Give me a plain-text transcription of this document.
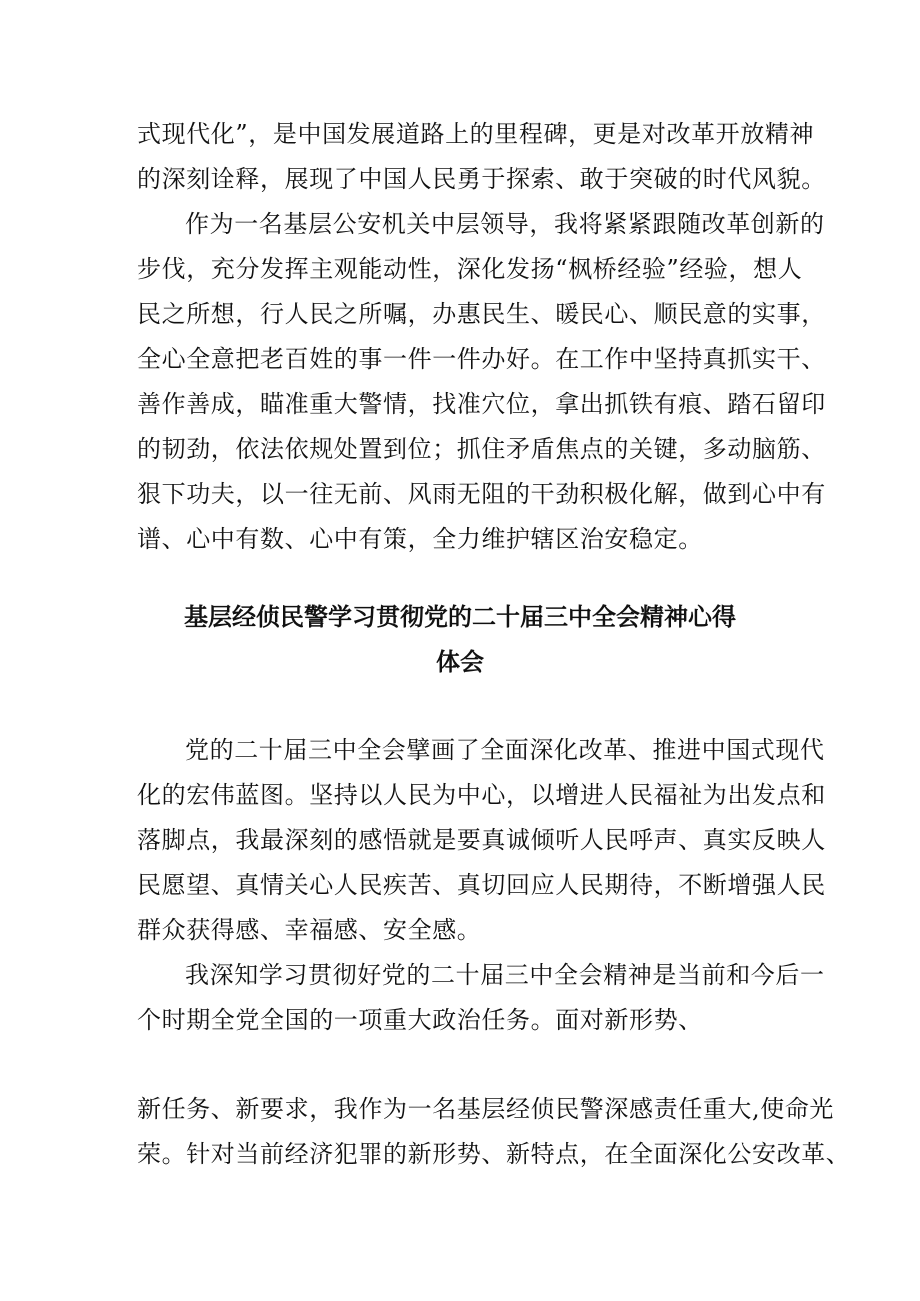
式现代化”，是中国发展道路上的里程碑，更是对改革开放精神
的深刻诠释，展现了中国人民勇于探索、敢于突破的时代风貌。
作为一名基层公安机关中层领导，我将紧紧跟随改革创新的
步伐，充分发挥主观能动性，深化发扬“枫桥经验”经验，想人
民之所想，行人民之所嘱，办惠民生、暖民心、顺民意的实事，
全心全意把老百姓的事一件一件办好。在工作中坚持真抓实干、
善作善成，瞄准重大警情，找准穴位，拿出抓铁有痕、踏石留印
的韧劲，依法依规处置到位；抓住矛盾焦点的关键，多动脑筋、
狠下功夫，以一往无前、风雨无阻的干劲积极化解，做到心中有
谱、心中有数、心中有策，全力维护辖区治安稳定。
基层经侦民警学习贯彻党的二十届三中全会精神心得
体会
党的二十届三中全会擘画了全面深化改革、推进中国式现代
化的宏伟蓝图。坚持以人民为中心，以增进人民福祉为出发点和
落脚点，我最深刻的感悟就是要真诚倾听人民呼声、真实反映人
民愿望、真情关心人民疾苦、真切回应人民期待，不断增强人民
群众获得感、幸福感、安全感。
我深知学习贯彻好党的二十届三中全会精神是当前和今后一
个时期全党全国的一项重大政治任务。面对新形势、
新任务、新要求，我作为一名基层经侦民警深感责任重大,使命光
荣。针对当前经济犯罪的新形势、新特点，在全面深化公安改革、
